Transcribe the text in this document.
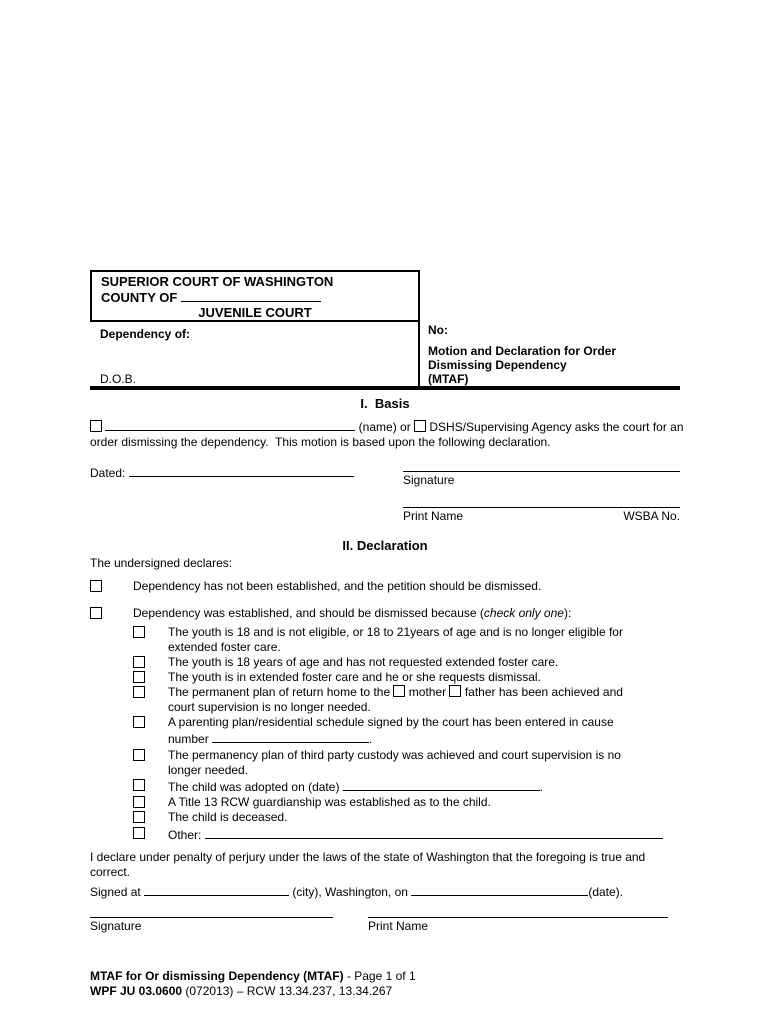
SUPERIOR COURT OF WASHINGTON
COUNTY OF
JUVENILE COURT
Dependency of:
D.O.B.
No:
Motion and Declaration for Order
Dismissing Dependency
(MTAF)
I.  Basis
(name) or  DSHS/Supervising Agency asks the court for an
order dismissing the dependency.  This motion is based upon the following declaration.
Dated:	Signature
Print Name	WSBA No.
II. Declaration
The undersigned declares:
Dependency has not been established, and the petition should be dismissed.
Dependency was established, and should be dismissed because (check only one):
The youth is 18 and is not eligible, or 18 to 21years of age and is no longer eligible for
extended foster care.
The youth is 18 years of age and has not requested extended foster care.
The youth is in extended foster care and he or she requests dismissal.
The permanent plan of return home to the  mother  father has been achieved and
court supervision is no longer needed.
A parenting plan/residential schedule signed by the court has been entered in cause
number	.
The permanency plan of third party custody was achieved and court supervision is no
longer needed.
The child was adopted on (date)	.
A Title 13 RCW guardianship was established as to the child.
The child is deceased.
Other:
I declare under penalty of perjury under the laws of the state of Washington that the foregoing is true and
correct.
Signed at	(city), Washington, on	(date).
Signature	Print Name
MTAF for Or dismissing Dependency (MTAF) - Page 1 of 1
WPF JU 03.0600 (072013) – RCW 13.34.237, 13.34.267
